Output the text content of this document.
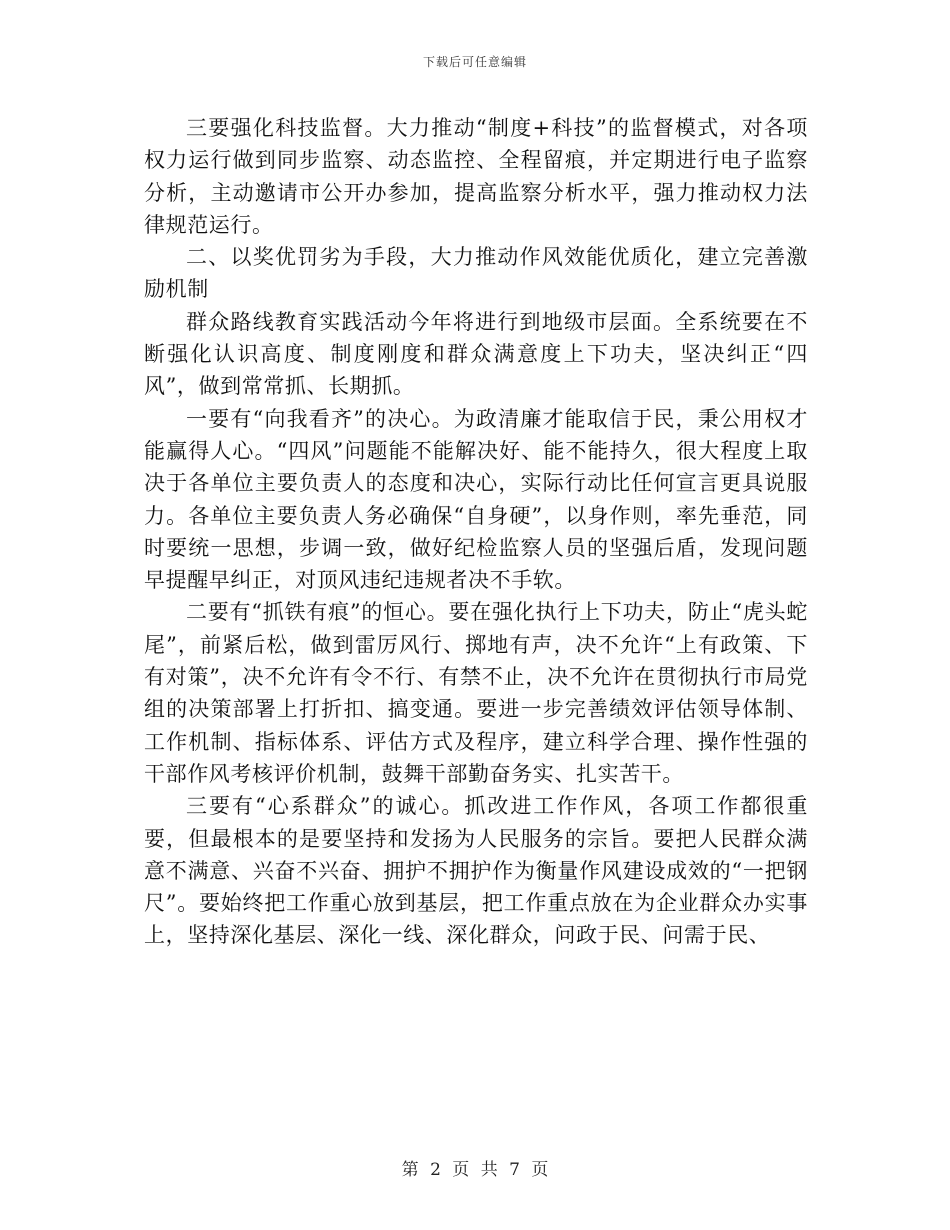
下载后可任意编辑

三要强化科技监督。大力推动“制度+科技”的监督模式，对各项权力运行做到同步监察、动态监控、全程留痕，并定期进行电子监察分析，主动邀请市公开办参加，提高监察分析水平，强力推动权力法律规范运行。

二、以奖优罚劣为手段，大力推动作风效能优质化，建立完善激励机制

群众路线教育实践活动今年将进行到地级市层面。全系统要在不断强化认识高度、制度刚度和群众满意度上下功夫，坚决纠正“四风”，做到常常抓、长期抓。

一要有“向我看齐”的决心。为政清廉才能取信于民，秉公用权才能赢得人心。“四风”问题能不能解决好、能不能持久，很大程度上取决于各单位主要负责人的态度和决心，实际行动比任何宣言更具说服力。各单位主要负责人务必确保“自身硬”，以身作则，率先垂范，同时要统一思想，步调一致，做好纪检监察人员的坚强后盾，发现问题早提醒早纠正，对顶风违纪违规者决不手软。

二要有“抓铁有痕”的恒心。要在强化执行上下功夫，防止“虎头蛇尾”，前紧后松，做到雷厉风行、掷地有声，决不允许“上有政策、下有对策”，决不允许有令不行、有禁不止，决不允许在贯彻执行市局党组的决策部署上打折扣、搞变通。要进一步完善绩效评估领导体制、工作机制、指标体系、评估方式及程序，建立科学合理、操作性强的干部作风考核评价机制，鼓舞干部勤奋务实、扎实苦干。

三要有“心系群众”的诚心。抓改进工作作风，各项工作都很重要，但最根本的是要坚持和发扬为人民服务的宗旨。要把人民群众满意不满意、兴奋不兴奋、拥护不拥护作为衡量作风建设成效的“一把钢尺”。要始终把工作重心放到基层，把工作重点放在为企业群众办实事上，坚持深化基层、深化一线、深化群众，问政于民、问需于民、

第 2 页 共 7 页
